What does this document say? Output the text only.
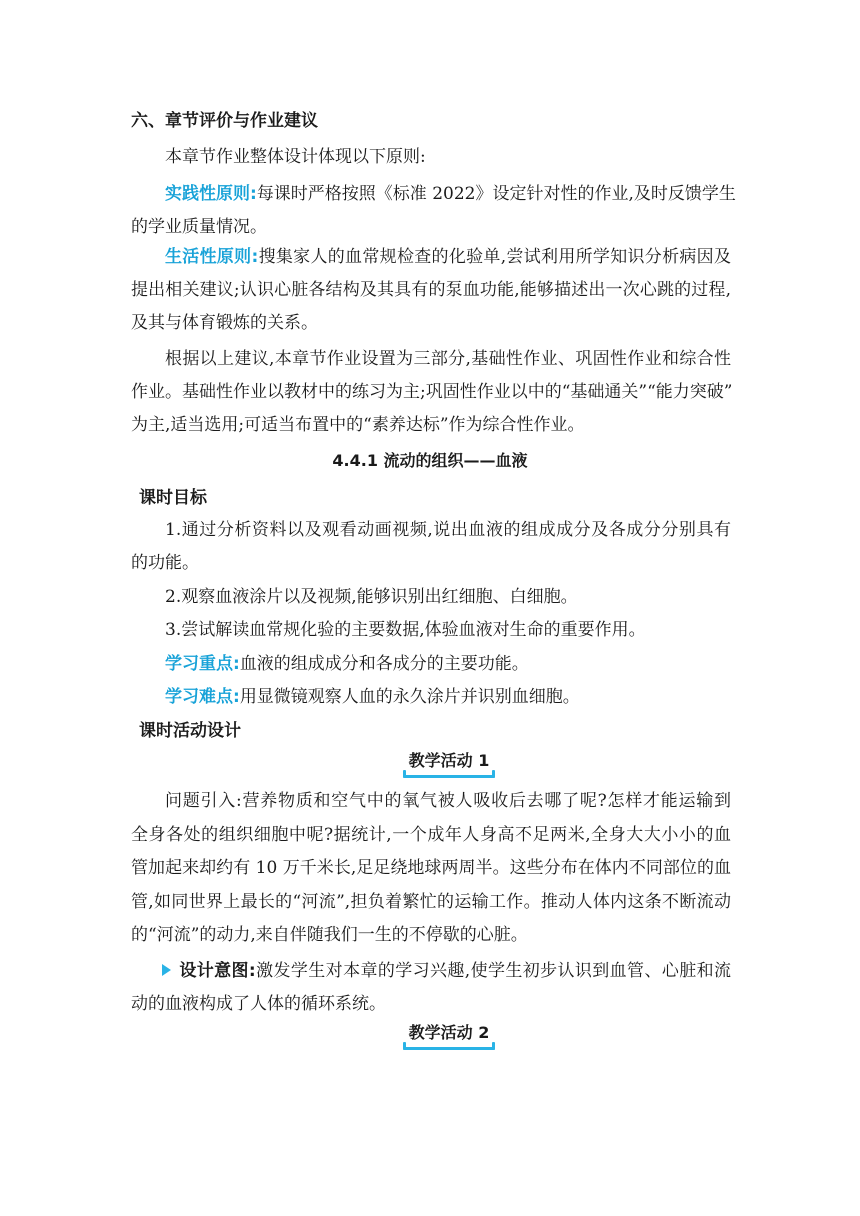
六、章节评价与作业建议
本章节作业整体设计体现以下原则:
实践性原则:每课时严格按照《标准 2022》设定针对性的作业,及时反馈学生
的学业质量情况。
生活性原则:搜集家人的血常规检查的化验单,尝试利用所学知识分析病因及
提出相关建议;认识心脏各结构及其具有的泵血功能,能够描述出一次心跳的过程,
及其与体育锻炼的关系。
根据以上建议,本章节作业设置为三部分,基础性作业、巩固性作业和综合性
作业。基础性作业以教材中的练习为主;巩固性作业以中的“基础通关”“能力突破”
为主,适当选用;可适当布置中的“素养达标”作为综合性作业。
4.4.1 流动的组织——血液
课时目标
1.通过分析资料以及观看动画视频,说出血液的组成成分及各成分分别具有
的功能。
2.观察血液涂片以及视频,能够识别出红细胞、白细胞。
3.尝试解读血常规化验的主要数据,体验血液对生命的重要作用。
学习重点:血液的组成成分和各成分的主要功能。
学习难点:用显微镜观察人血的永久涂片并识别血细胞。
课时活动设计
教学活动 1
问题引入:营养物质和空气中的氧气被人吸收后去哪了呢?怎样才能运输到
全身各处的组织细胞中呢?据统计,一个成年人身高不足两米,全身大大小小的血
管加起来却约有 10 万千米长,足足绕地球两周半。这些分布在体内不同部位的血
管,如同世界上最长的“河流”,担负着繁忙的运输工作。推动人体内这条不断流动
的“河流”的动力,来自伴随我们一生的不停歇的心脏。
设计意图:激发学生对本章的学习兴趣,使学生初步认识到血管、心脏和流
动的血液构成了人体的循环系统。
教学活动 2
